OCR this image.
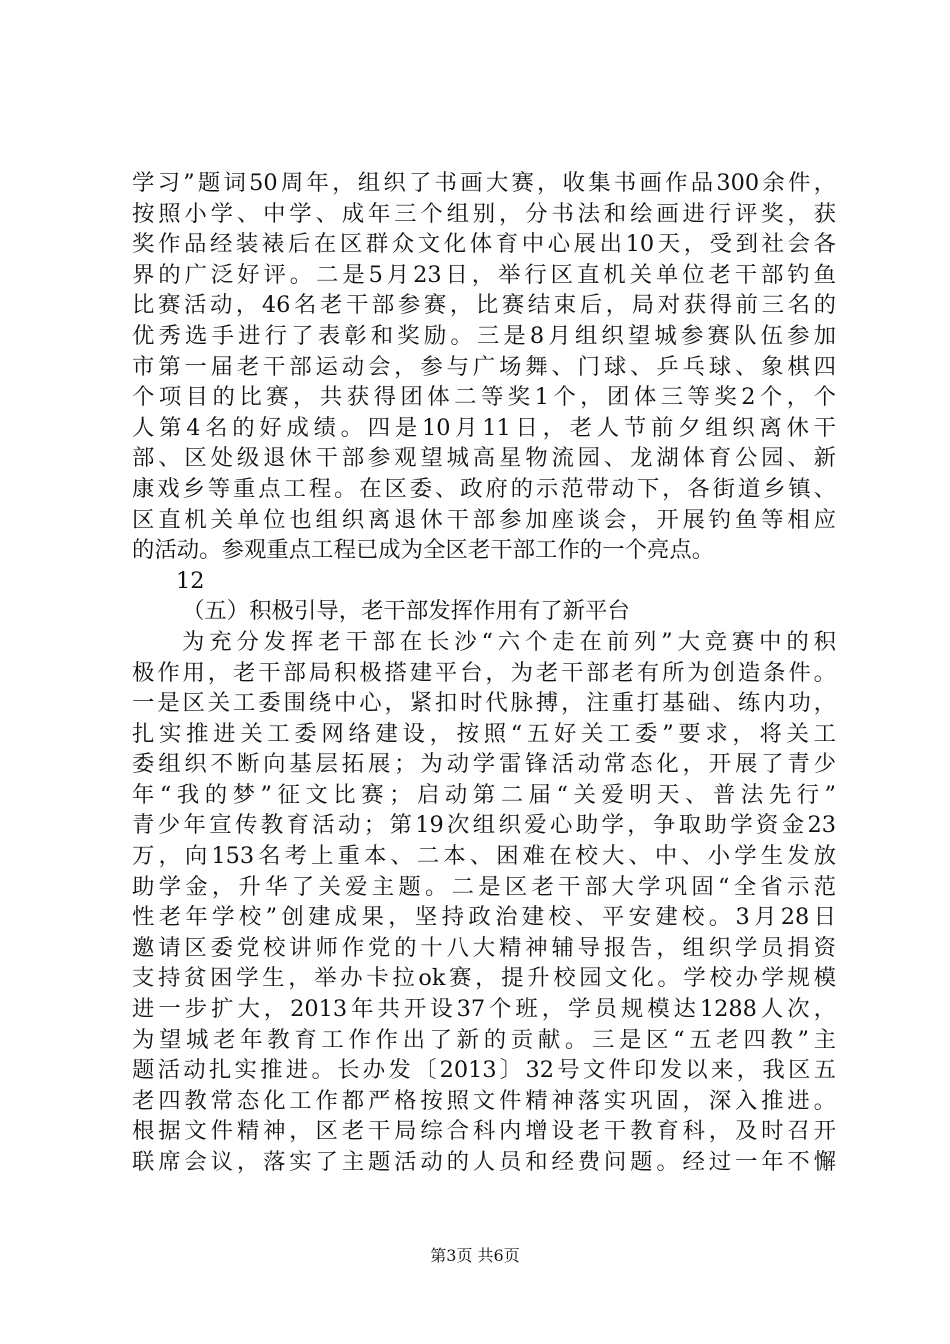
学习”题词50周年，组织了书画大赛，收集书画作品300余件，
按照小学、中学、成年三个组别，分书法和绘画进行评奖，获
奖作品经装裱后在区群众文化体育中心展出10天，受到社会各
界的广泛好评。二是5月23日，举行区直机关单位老干部钓鱼
比赛活动，46名老干部参赛，比赛结束后，局对获得前三名的
优秀选手进行了表彰和奖励。三是8月组织望城参赛队伍参加
市第一届老干部运动会，参与广场舞、门球、乒乓球、象棋四
个项目的比赛，共获得团体二等奖1个，团体三等奖2个，个
人第4名的好成绩。四是10月11日，老人节前夕组织离休干
部、区处级退休干部参观望城高星物流园、龙湖体育公园、新
康戏乡等重点工程。在区委、政府的示范带动下，各街道乡镇、
区直机关单位也组织离退休干部参加座谈会，开展钓鱼等相应
的活动。参观重点工程已成为全区老干部工作的一个亮点。
12
（五）积极引导，老干部发挥作用有了新平台
为充分发挥老干部在长沙“六个走在前列”大竞赛中的积
极作用，老干部局积极搭建平台，为老干部老有所为创造条件。
一是区关工委围绕中心，紧扣时代脉搏，注重打基础、练内功，
扎实推进关工委网络建设，按照“五好关工委”要求，将关工
委组织不断向基层拓展；为动学雷锋活动常态化，开展了青少
年“我的梦”征文比赛；启动第二届“关爱明天、普法先行”
青少年宣传教育活动；第19次组织爱心助学，争取助学资金23
万，向153名考上重本、二本、困难在校大、中、小学生发放
助学金，升华了关爱主题。二是区老干部大学巩固“全省示范
性老年学校”创建成果，坚持政治建校、平安建校。3月28日
邀请区委党校讲师作党的十八大精神辅导报告，组织学员捐资
支持贫困学生，举办卡拉ok赛，提升校园文化。学校办学规模
进一步扩大，2013年共开设37个班，学员规模达1288人次，
为望城老年教育工作作出了新的贡献。三是区“五老四教”主
题活动扎实推进。长办发〔2013〕32号文件印发以来，我区五
老四教常态化工作都严格按照文件精神落实巩固，深入推进。
根据文件精神，区老干局综合科内增设老干教育科，及时召开
联席会议，落实了主题活动的人员和经费问题。经过一年不懈
第3页 共6页
